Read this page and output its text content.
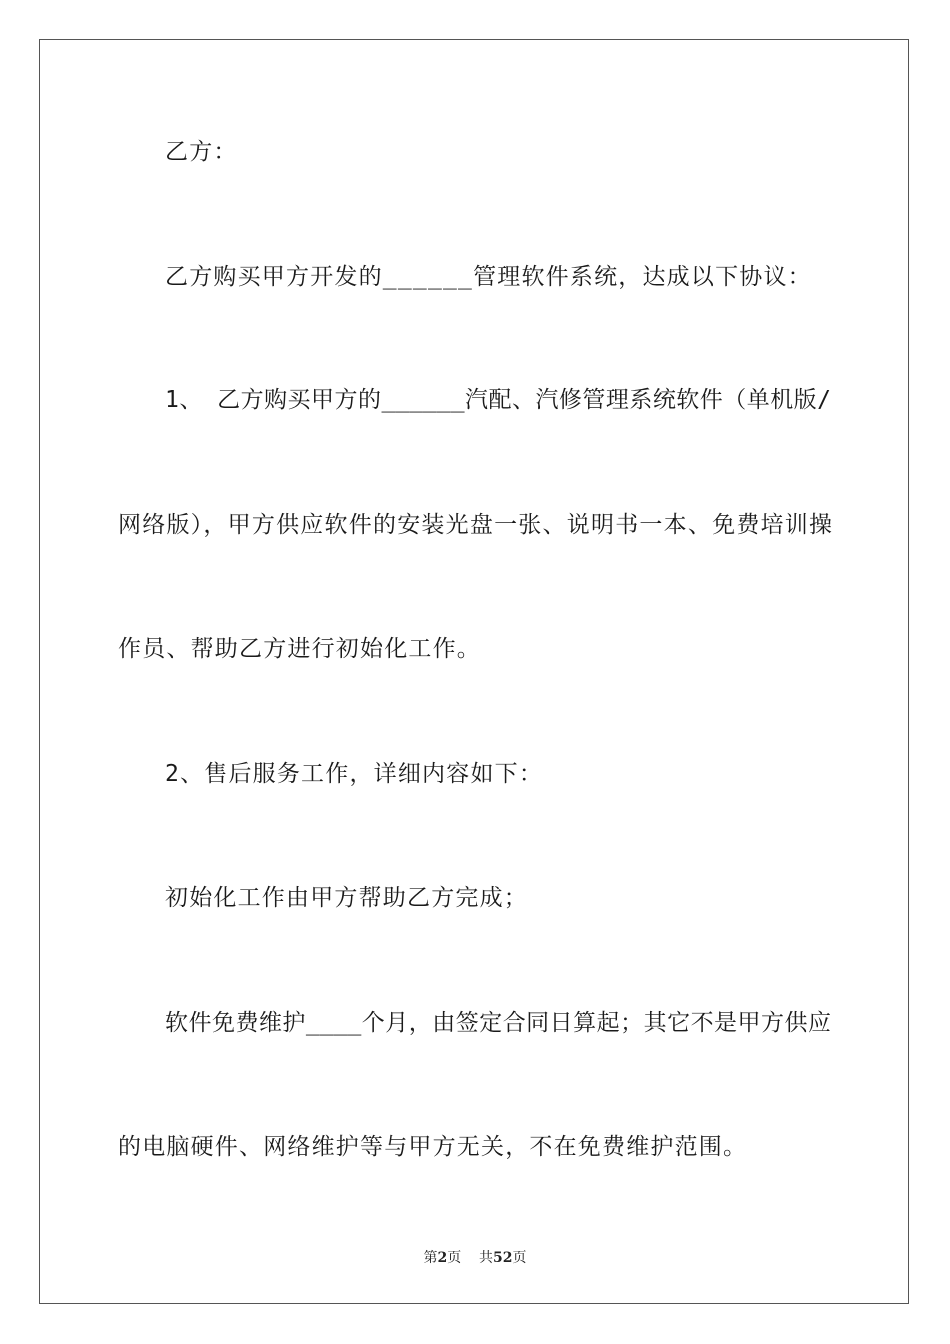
乙方：
乙方购买甲方开发的______管理软件系统，达成以下协议：
1、 乙方购买甲方的______汽配、汽修管理系统软件（单机版/
网络版），甲方供应软件的安装光盘一张、说明书一本、免费培训操
作员、帮助乙方进行初始化工作。
2、售后服务工作，详细内容如下：
初始化工作由甲方帮助乙方完成；
软件免费维护____个月，由签定合同日算起；其它不是甲方供应
的电脑硬件、网络维护等与甲方无关，不在免费维护范围。
第2页 共52页
